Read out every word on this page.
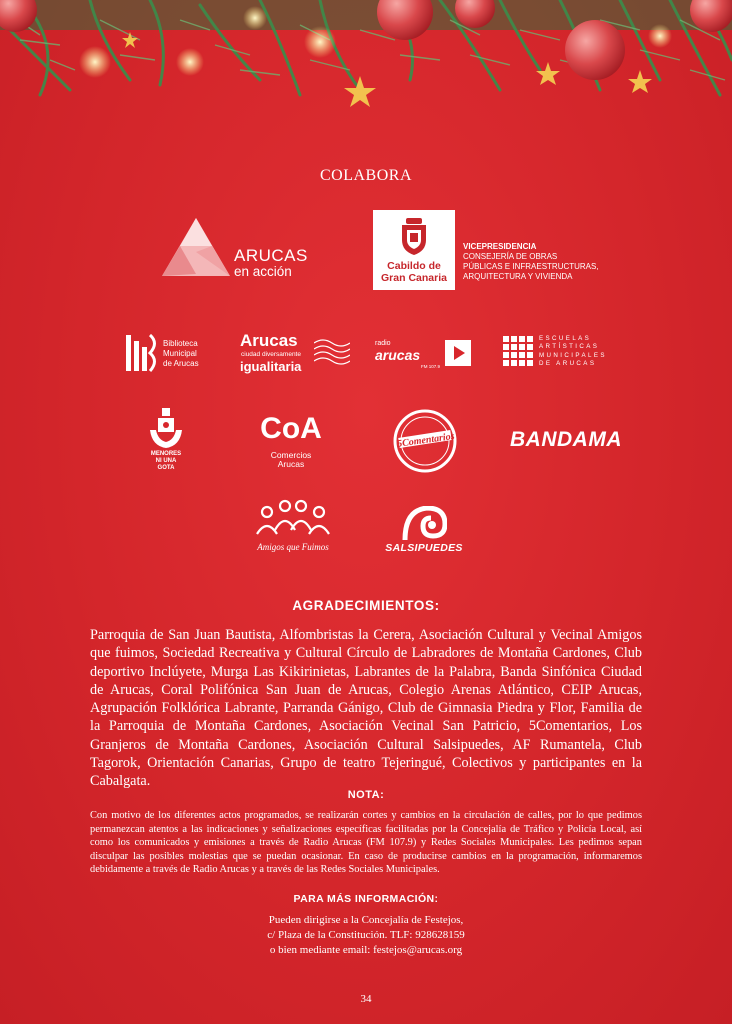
COLABORA
ARUCAS
en acción	Cabildo de
Gran Canaria
VICEPRESIDENCIA
CONSEJERÍA DE OBRAS
PÚBLICAS E INFRAESTRUCTURAS,
ARQUITECTURA Y VIVIENDA
Biblioteca
Municipal
de Arucas
Arucas
ciudad diversamente
igualitaria
radio
arucas
FM 107.9
ESCUELAS
ARTÍSTICAS
MUNICIPALES
DE ARUCAS
MENORES
NI UNA
GOTA
CoA
Comercios
Arucas
5Comentarios	BANDAMA
Amigos que Fuimos	SALSIPUEDES
AGRADECIMIENTOS:
Parroquia de San Juan Bautista, Alfombristas la Cerera, Asociación Cultural y Vecinal Amigos que fuimos, Sociedad Recreativa y Cultural Círculo de Labradores de Montaña Cardones, Club deportivo Inclúyete, Murga Las Kikirinietas, Labrantes de la Palabra, Banda Sinfónica Ciudad de Arucas, Coral Polifónica San Juan de Arucas, Colegio Arenas Atlántico, CEIP Arucas, Agrupación Folklórica Labrante, Parranda Gánigo, Club de Gimnasia Piedra y Flor, Familia de la Parroquia de Montaña Cardones, Asociación Vecinal San Patricio, 5Comentarios, Los Granjeros de Montaña Cardones, Asociación Cultural Salsipuedes, AF Rumantela, Club Tagorok, Orientación Canarias, Grupo de teatro Tejeringué, Colectivos y participantes en la Cabalgata.
NOTA:
Con motivo de los diferentes actos programados, se realizarán cortes y cambios en la circulación de calles, por lo que pedimos permanezcan atentos a las indicaciones y señalizaciones específicas facilitadas por la Concejalía de Tráfico y Policía Local, así como los comunicados y emisiones a través de Radio Arucas (FM 107.9) y Redes Sociales Municipales. Les pedimos sepan disculpar las posibles molestias que se puedan ocasionar. En caso de producirse cambios en la programación, informaremos debidamente a través de Radio Arucas y a través de las Redes Sociales Municipales.
PARA MÁS INFORMACIÓN:
Pueden dirigirse a la Concejalía de Festejos,
c/ Plaza de la Constitución. TLF: 928628159
o bien mediante email: festejos@arucas.org
34
